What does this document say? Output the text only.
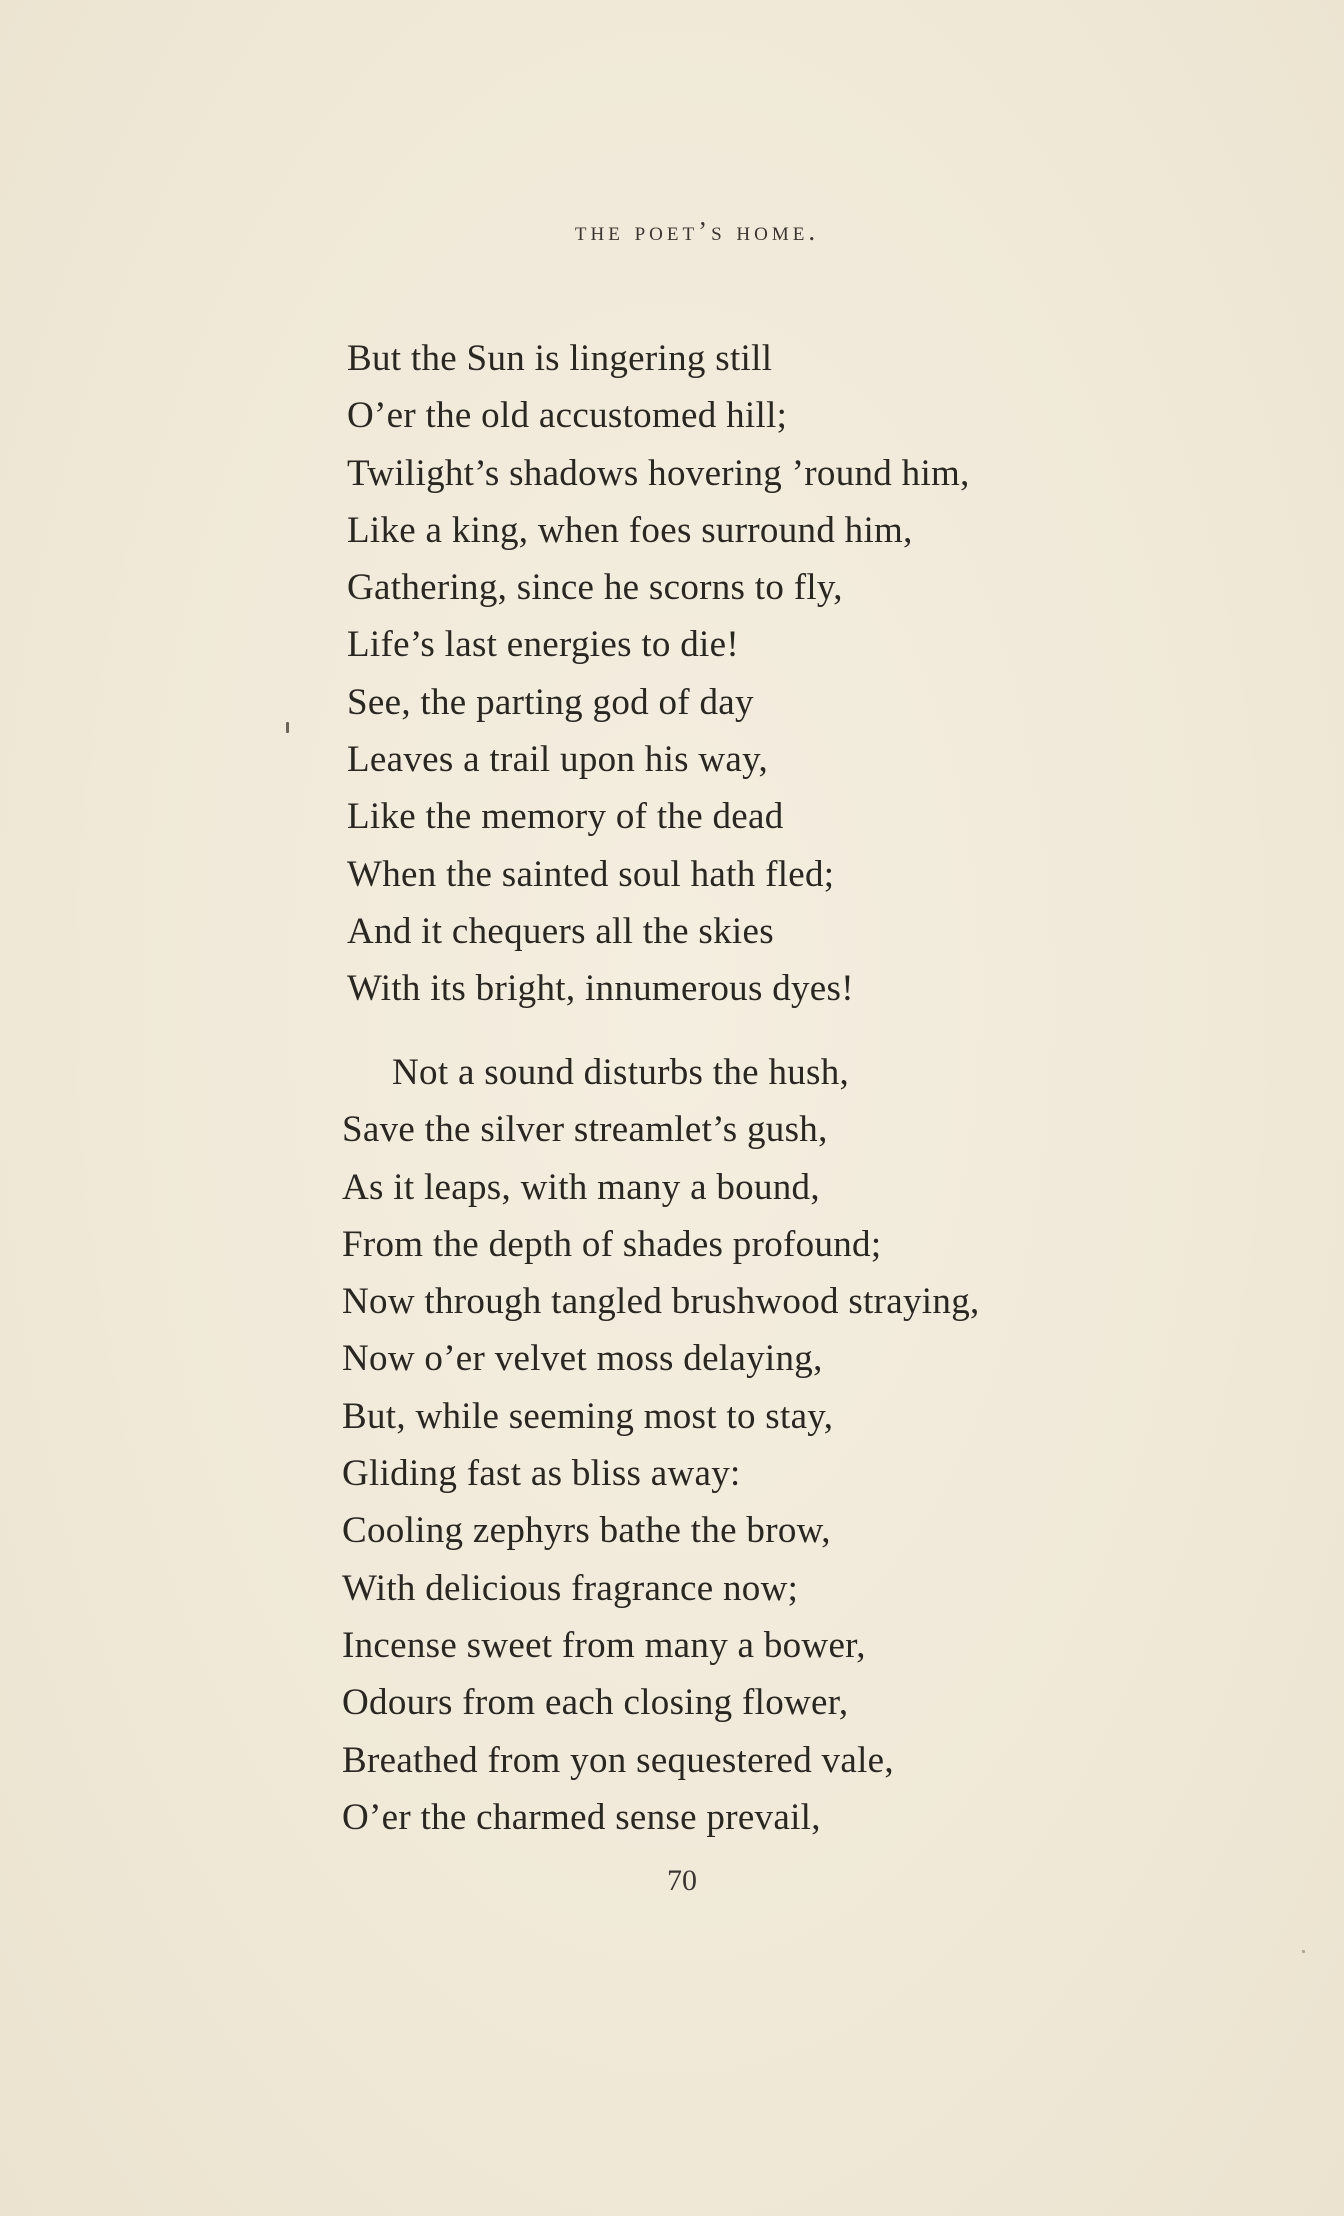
the poet’s home.
But the Sun is lingering still
O’er the old accustomed hill;
Twilight’s shadows hovering ’round him,
Like a king, when foes surround him,
Gathering, since he scorns to fly,
Life’s last energies to die!
See, the parting god of day
Leaves a trail upon his way,
Like the memory of the dead
When the sainted soul hath fled;
And it chequers all the skies
With its bright, innumerous dyes!
Not a sound disturbs the hush,
Save the silver streamlet’s gush,
As it leaps, with many a bound,
From the depth of shades profound;
Now through tangled brushwood straying,
Now o’er velvet moss delaying,
But, while seeming most to stay,
Gliding fast as bliss away:
Cooling zephyrs bathe the brow,
With delicious fragrance now;
Incense sweet from many a bower,
Odours from each closing flower,
Breathed from yon sequestered vale,
O’er the charmed sense prevail,
70
